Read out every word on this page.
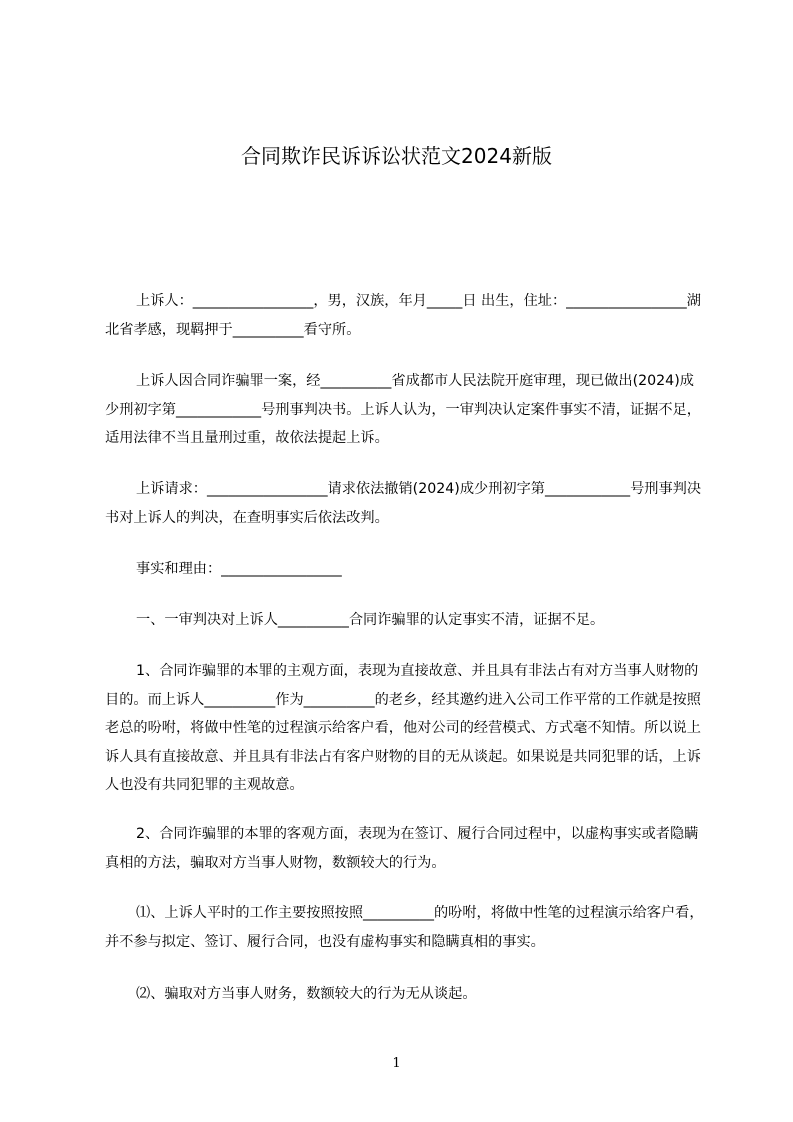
合同欺诈民诉诉讼状范文2024新版

上诉人：_________________，男，汉族，年月_____日 出生，住址：_________________湖北省孝感，现羁押于__________看守所。

上诉人因合同诈骗罪一案，经__________省成都市人民法院开庭审理，现已做出(2024)成少刑初字第____________号刑事判决书。上诉人认为，一审判决认定案件事实不清，证据不足，适用法律不当且量刑过重，故依法提起上诉。

上诉请求：_________________请求依法撤销(2024)成少刑初字第____________号刑事判决书对上诉人的判决，在查明事实后依法改判。

事实和理由：_________________

一、一审判决对上诉人__________合同诈骗罪的认定事实不清，证据不足。

1、合同诈骗罪的本罪的主观方面，表现为直接故意、并且具有非法占有对方当事人财物的目的。而上诉人__________作为__________的老乡，经其邀约进入公司工作平常的工作就是按照老总的吩咐，将做中性笔的过程演示给客户看，他对公司的经营模式、方式毫不知情。所以说上诉人具有直接故意、并且具有非法占有客户财物的目的无从谈起。如果说是共同犯罪的话，上诉人也没有共同犯罪的主观故意。

2、合同诈骗罪的本罪的客观方面，表现为在签订、履行合同过程中，以虚构事实或者隐瞒真相的方法，骗取对方当事人财物，数额较大的行为。

⑴、上诉人平时的工作主要按照按照__________的吩咐，将做中性笔的过程演示给客户看，并不参与拟定、签订、履行合同，也没有虚构事实和隐瞒真相的事实。

⑵、骗取对方当事人财务，数额较大的行为无从谈起。

1
